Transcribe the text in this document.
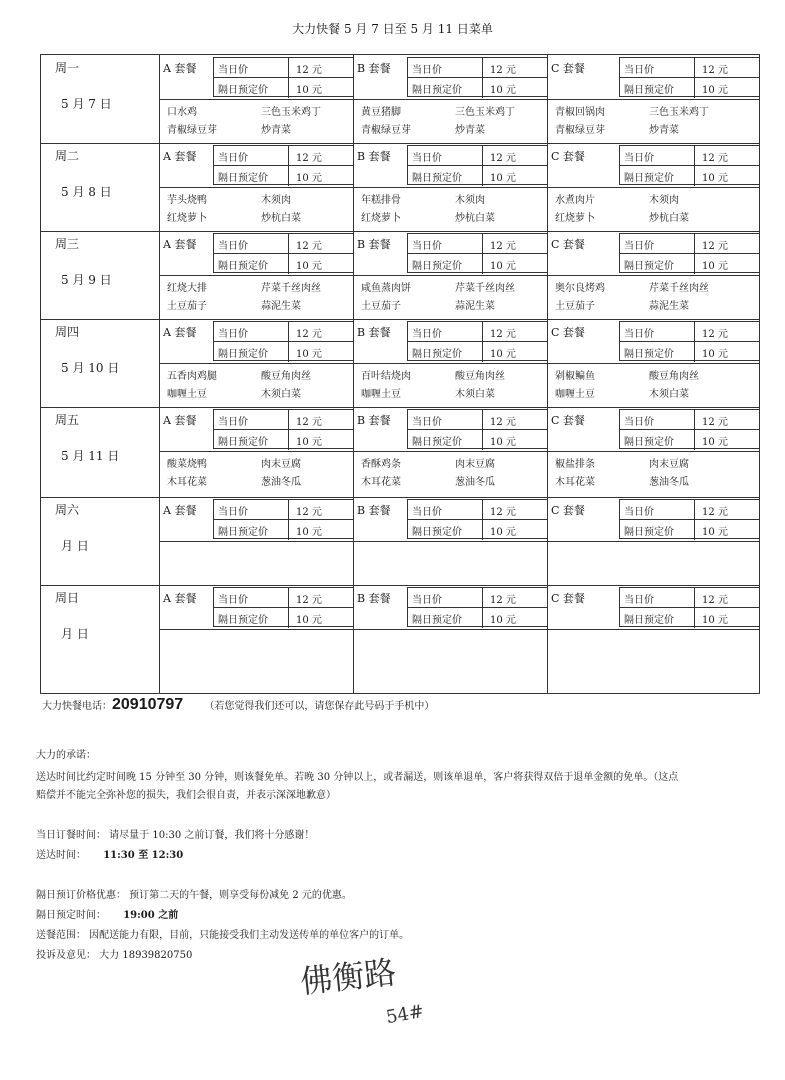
大力快餐 5 月 7 日至 5 月 11 日菜单
周一
5 月 7 日
A 套餐 当日价	12 元
隔日预定价	10 元
口水鸡	三色玉米鸡丁
青椒绿豆芽	炒青菜
B 套餐 当日价	12 元
隔日预定价	10 元
黄豆猪脚	三色玉米鸡丁
青椒绿豆芽	炒青菜
C 套餐	当日价	12 元
隔日预定价	10 元
青椒回锅肉	三色玉米鸡丁
青椒绿豆芽	炒青菜
周二
5 月 8 日
A 套餐 当日价	12 元
隔日预定价	10 元
芋头烧鸭	木须肉
红烧萝卜	炒杭白菜
B 套餐 当日价	12 元
隔日预定价	10 元
年糕排骨	木须肉
红烧萝卜	炒杭白菜
C 套餐	当日价	12 元
隔日预定价	10 元
水煮肉片	木须肉
红烧萝卜	炒杭白菜
周三
5 月 9 日
A 套餐 当日价	12 元
隔日预定价	10 元
红烧大排	芹菜千丝肉丝
土豆茄子	蒜泥生菜
B 套餐 当日价	12 元
隔日预定价	10 元
咸鱼蒸肉饼	芹菜千丝肉丝
土豆茄子	蒜泥生菜
C 套餐	当日价	12 元
隔日预定价	10 元
奥尔良烤鸡	芹菜千丝肉丝
土豆茄子	蒜泥生菜
周四
5 月 10 日
A 套餐 当日价	12 元
隔日预定价	10 元
五香肉鸡腿	酸豆角肉丝
咖喱土豆	木须白菜
B 套餐 当日价	12 元
隔日预定价	10 元
百叶结烧肉	酸豆角肉丝
咖喱土豆	木须白菜
C 套餐	当日价	12 元
隔日预定价	10 元
剁椒鳊鱼	酸豆角肉丝
咖喱土豆	木须白菜
周五
5 月 11 日
A 套餐 当日价	12 元
隔日预定价	10 元
酸菜烧鸭	肉末豆腐
木耳花菜	葱油冬瓜
B 套餐 当日价	12 元
隔日预定价	10 元
香酥鸡条	肉末豆腐
木耳花菜	葱油冬瓜
C 套餐	当日价	12 元
隔日预定价	10 元
椒盐排条	肉末豆腐
木耳花菜	葱油冬瓜
周六
月 日
A 套餐 当日价	12 元
隔日预定价	10 元
B 套餐 当日价	12 元
隔日预定价	10 元
C 套餐	当日价	12 元
隔日预定价	10 元
周日
月 日
A 套餐 当日价	12 元
隔日预定价	10 元
B 套餐 当日价	12 元
隔日预定价	10 元
C 套餐	当日价	12 元
隔日预定价	10 元
大力快餐电话：20910797 （若您觉得我们还可以，请您保存此号码于手机中）
大力的承诺：
送达时间比约定时间晚 15 分钟至 30 分钟，则该餐免单。若晚 30 分钟以上，或者漏送，则该单退单，客户将获得双倍于退单金额的免单。（这点
赔偿并不能完全弥补您的损失，我们会很自责，并表示深深地歉意）
当日订餐时间： 请尽量于 10:30 之前订餐，我们将十分感谢！
送达时间： 11:30 至 12:30
隔日预订价格优惠： 预订第二天的午餐，则享受每份减免 2 元的优惠。
隔日预定时间： 19:00 之前
送餐范围： 因配送能力有限，目前，只能接受我们主动发送传单的单位客户的订单。
投诉及意见： 大力 18939820750	佛衡路
54#
